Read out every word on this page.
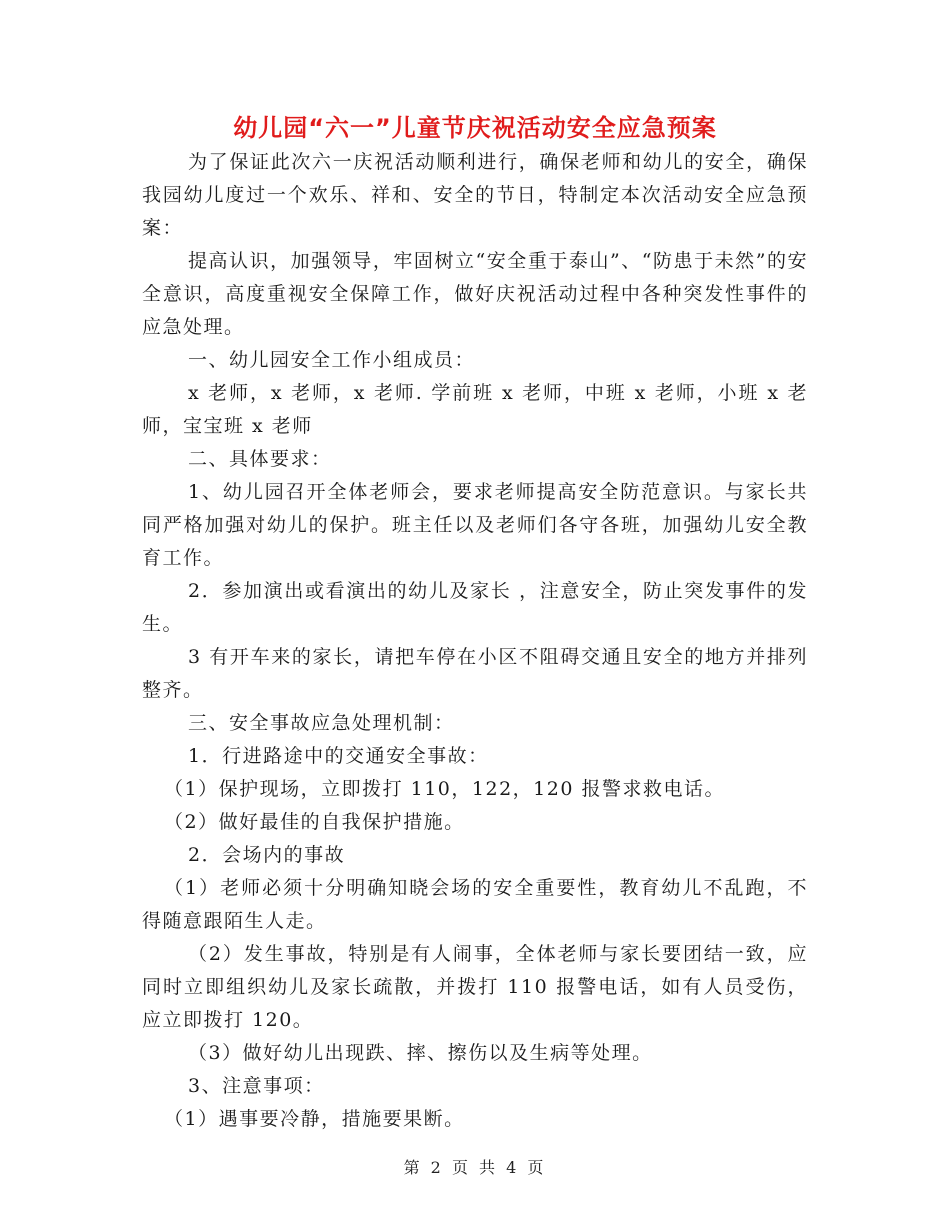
幼儿园“六一”儿童节庆祝活动安全应急预案

为了保证此次六一庆祝活动顺利进行，确保老师和幼儿的安全，确保我园幼儿度过一个欢乐、祥和、安全的节日，特制定本次活动安全应急预案：

提高认识，加强领导，牢固树立“安全重于泰山”、“防患于未然”的安全意识，高度重视安全保障工作，做好庆祝活动过程中各种突发性事件的应急处理。

一、幼儿园安全工作小组成员：

x 老师，x 老师，x 老师. 学前班 x 老师，中班 x 老师，小班 x 老师，宝宝班 x 老师

二、具体要求：

1、幼儿园召开全体老师会，要求老师提高安全防范意识。与家长共同严格加强对幼儿的保护。班主任以及老师们各守各班，加强幼儿安全教育工作。

2．参加演出或看演出的幼儿及家长 ，注意安全，防止突发事件的发生。

3 有开车来的家长，请把车停在小区不阻碍交通且安全的地方并排列整齐。

三、安全事故应急处理机制：

1．行进路途中的交通安全事故：

（1）保护现场，立即拨打 110，122，120 报警求救电话。

（2）做好最佳的自我保护措施。

2．会场内的事故

（1）老师必须十分明确知晓会场的安全重要性，教育幼儿不乱跑，不得随意跟陌生人走。

（2）发生事故，特别是有人闹事，全体老师与家长要团结一致，应同时立即组织幼儿及家长疏散，并拨打 110 报警电话，如有人员受伤，应立即拨打 120。

（3）做好幼儿出现跌、摔、擦伤以及生病等处理。

3、注意事项：

（1）遇事要冷静，措施要果断。

第 2 页 共 4 页
